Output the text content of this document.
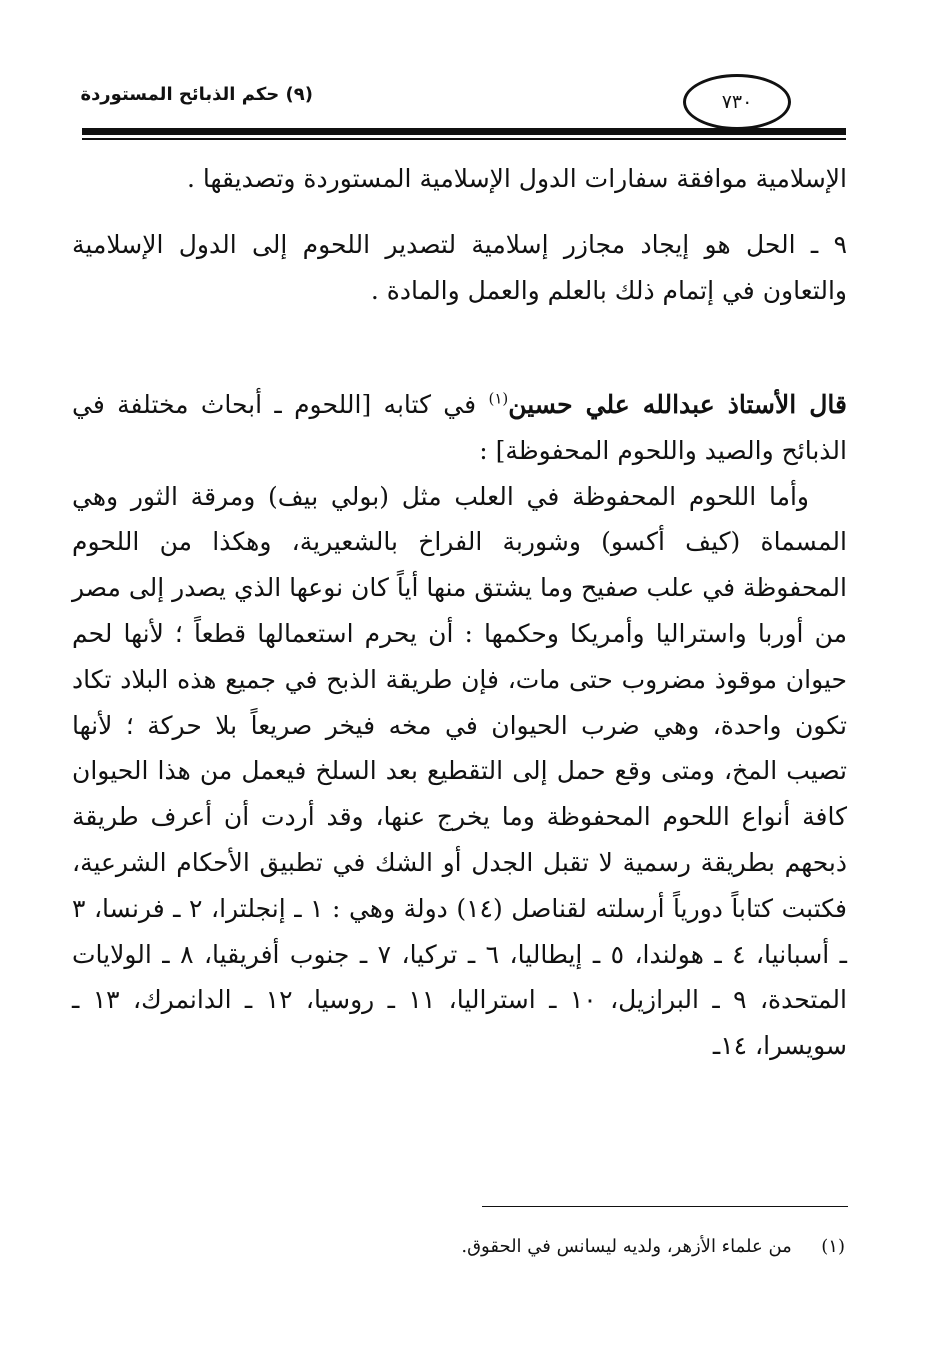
(٩) حكم الذبائح المستوردة	٧٣٠

الإسلامية موافقة سفارات الدول الإسلامية المستوردة وتصديقها .

٩ ـ الحل هو إيجاد مجازر إسلامية لتصدير اللحوم إلى الدول الإسلامية والتعاون في إتمام ذلك بالعلم والعمل والمادة .

قال الأستاذ عبدالله علي حسين$^{(١)}$ في كتابه [اللحوم ـ أبحاث مختلفة في الذبائح والصيد واللحوم المحفوظة] :

وأما اللحوم المحفوظة في العلب مثل (بولي بيف) ومرقة الثور وهي المسماة (كيف أكسو) وشوربة الفراخ بالشعيرية، وهكذا من اللحوم المحفوظة في علب صفيح وما يشتق منها أياً كان نوعها الذي يصدر إلى مصر من أوربا واستراليا وأمريكا وحكمها : أن يحرم استعمالها قطعاً ؛ لأنها لحم حيوان موقوذ مضروب حتى مات، فإن طريقة الذبح في جميع هذه البلاد تكاد تكون واحدة، وهي ضرب الحيوان في مخه فيخر صريعاً بلا حركة ؛ لأنها تصيب المخ، ومتى وقع حمل إلى التقطيع بعد السلخ فيعمل من هذا الحيوان كافة أنواع اللحوم المحفوظة وما يخرج عنها، وقد أردت أن أعرف طريقة ذبحهم بطريقة رسمية لا تقبل الجدل أو الشك في تطبيق الأحكام الشرعية، فكتبت كتاباً دورياً أرسلته لقناصل (١٤) دولة وهي : ١ ـ إنجلترا، ٢ ـ فرنسا، ٣ ـ أسبانيا، ٤ ـ هولندا، ٥ ـ إيطاليا، ٦ ـ تركيا، ٧ ـ جنوب أفريقيا، ٨ ـ الولايات المتحدة، ٩ ـ البرازيل، ١٠ ـ استراليا، ١١ ـ روسيا، ١٢ ـ الدانمرك، ١٣ ـ سويسرا، ١٤ـ

(١)  من علماء الأزهر، ولديه ليسانس في الحقوق.
